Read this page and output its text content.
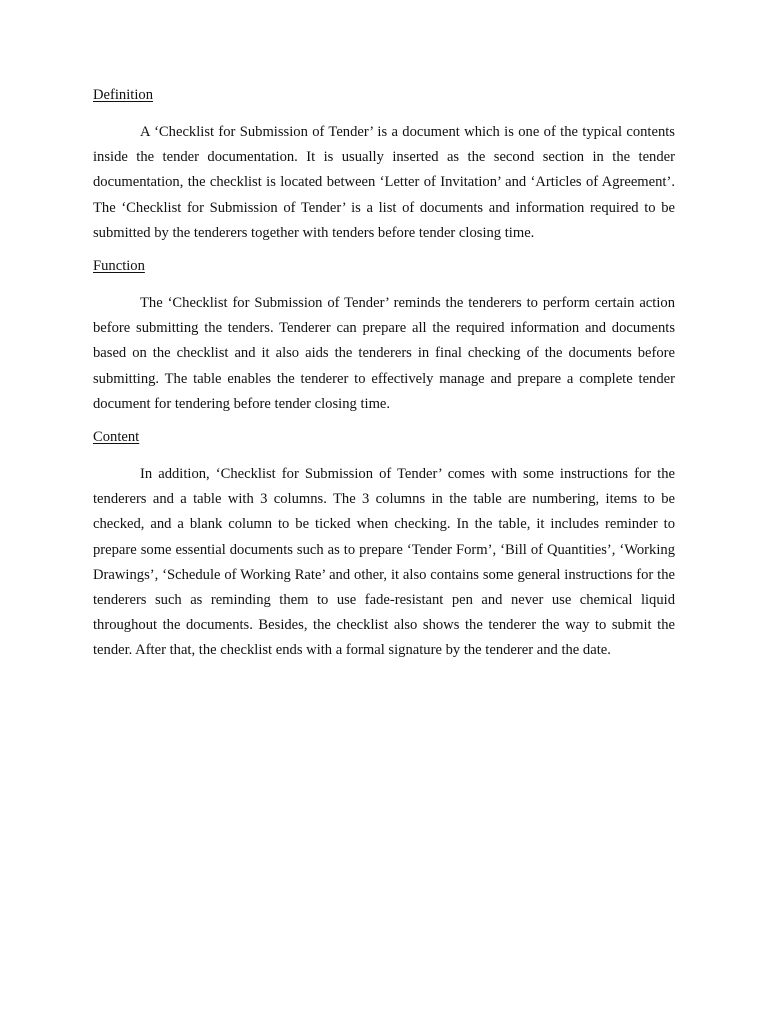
Definition

A ‘Checklist for Submission of Tender’ is a document which is one of the typical contents inside the tender documentation. It is usually inserted as the second section in the tender documentation, the checklist is located between ‘Letter of Invitation’ and ‘Articles of Agreement’. The ‘Checklist for Submission of Tender’ is a list of documents and information required to be submitted by the tenderers together with tenders before tender closing time.

Function

The ‘Checklist for Submission of Tender’ reminds the tenderers to perform certain action before submitting the tenders. Tenderer can prepare all the required information and documents based on the checklist and it also aids the tenderers in final checking of the documents before submitting. The table enables the tenderer to effectively manage and prepare a complete tender document for tendering before tender closing time.

Content

In addition, ‘Checklist for Submission of Tender’ comes with some instructions for the tenderers and a table with 3 columns. The 3 columns in the table are numbering, items to be checked, and a blank column to be ticked when checking. In the table, it includes reminder to prepare some essential documents such as to prepare ‘Tender Form’, ‘Bill of Quantities’, ‘Working Drawings’, ‘Schedule of Working Rate’ and other, it also contains some general instructions for the tenderers such as reminding them to use fade-resistant pen and never use chemical liquid throughout the documents. Besides, the checklist also shows the tenderer the way to submit the tender. After that, the checklist ends with a formal signature by the tenderer and the date.
